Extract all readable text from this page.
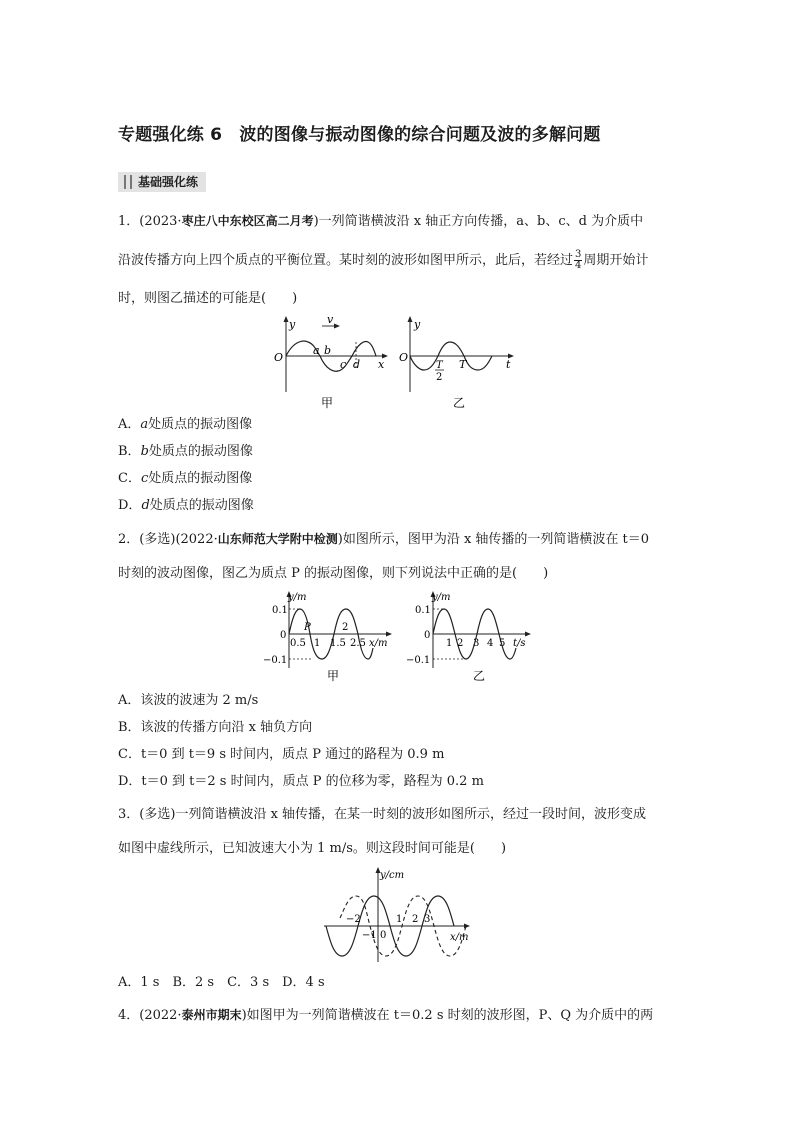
专题强化练 6　波的图像与振动图像的综合问题及波的多解问题
基础强化练
1．(2023·枣庄八中东校区高二月考)一列简谐横波沿 x 轴正方向传播，a、b、c、d 为介质中
沿波传播方向上四个质点的平衡位置。某时刻的波形如图甲所示，此后，若经过 $\frac{3}{4}$ 周期开始计
时，则图乙描述的可能是(　　)
y	v
O
a b
c d x
甲
y
O
T
2
T	t
乙
A．a处质点的振动图像
B．b处质点的振动图像
C．c处质点的振动图像
D．d处质点的振动图像
2．(多选)(2022·山东师范大学附中检测)如图所示，图甲为沿 x 轴传播的一列简谐横波在 t＝0
时刻的波动图像，图乙为质点 P 的振动图像，则下列说法中正确的是(　　)
y/m
0.1
0
−0.1
P
0.5 1 1.5
2
2.5 x/m
甲
y/m
0.1
0
−0.1
1 2 3 4 5 t/s
乙
A．该波的波速为 2 m/s
B．该波的传播方向沿 x 轴负方向
C．t＝0 到 t＝9 s 时间内，质点 P 通过的路程为 0.9 m
D．t＝0 到 t＝2 s 时间内，质点 P 的位移为零，路程为 0.2 m
3．(多选)一列简谐横波沿 x 轴传播，在某一时刻的波形如图所示，经过一段时间，波形变成
如图中虚线所示，已知波速大小为 1 m/s。则这段时间可能是(　　)
y/cm
−2
−1 0
1 2 3
x/m
A．1 s　B．2 s　C．3 s　D．4 s
4．(2022·泰州市期末)如图甲为一列简谐横波在 t＝0.2 s 时刻的波形图，P、Q 为介质中的两
